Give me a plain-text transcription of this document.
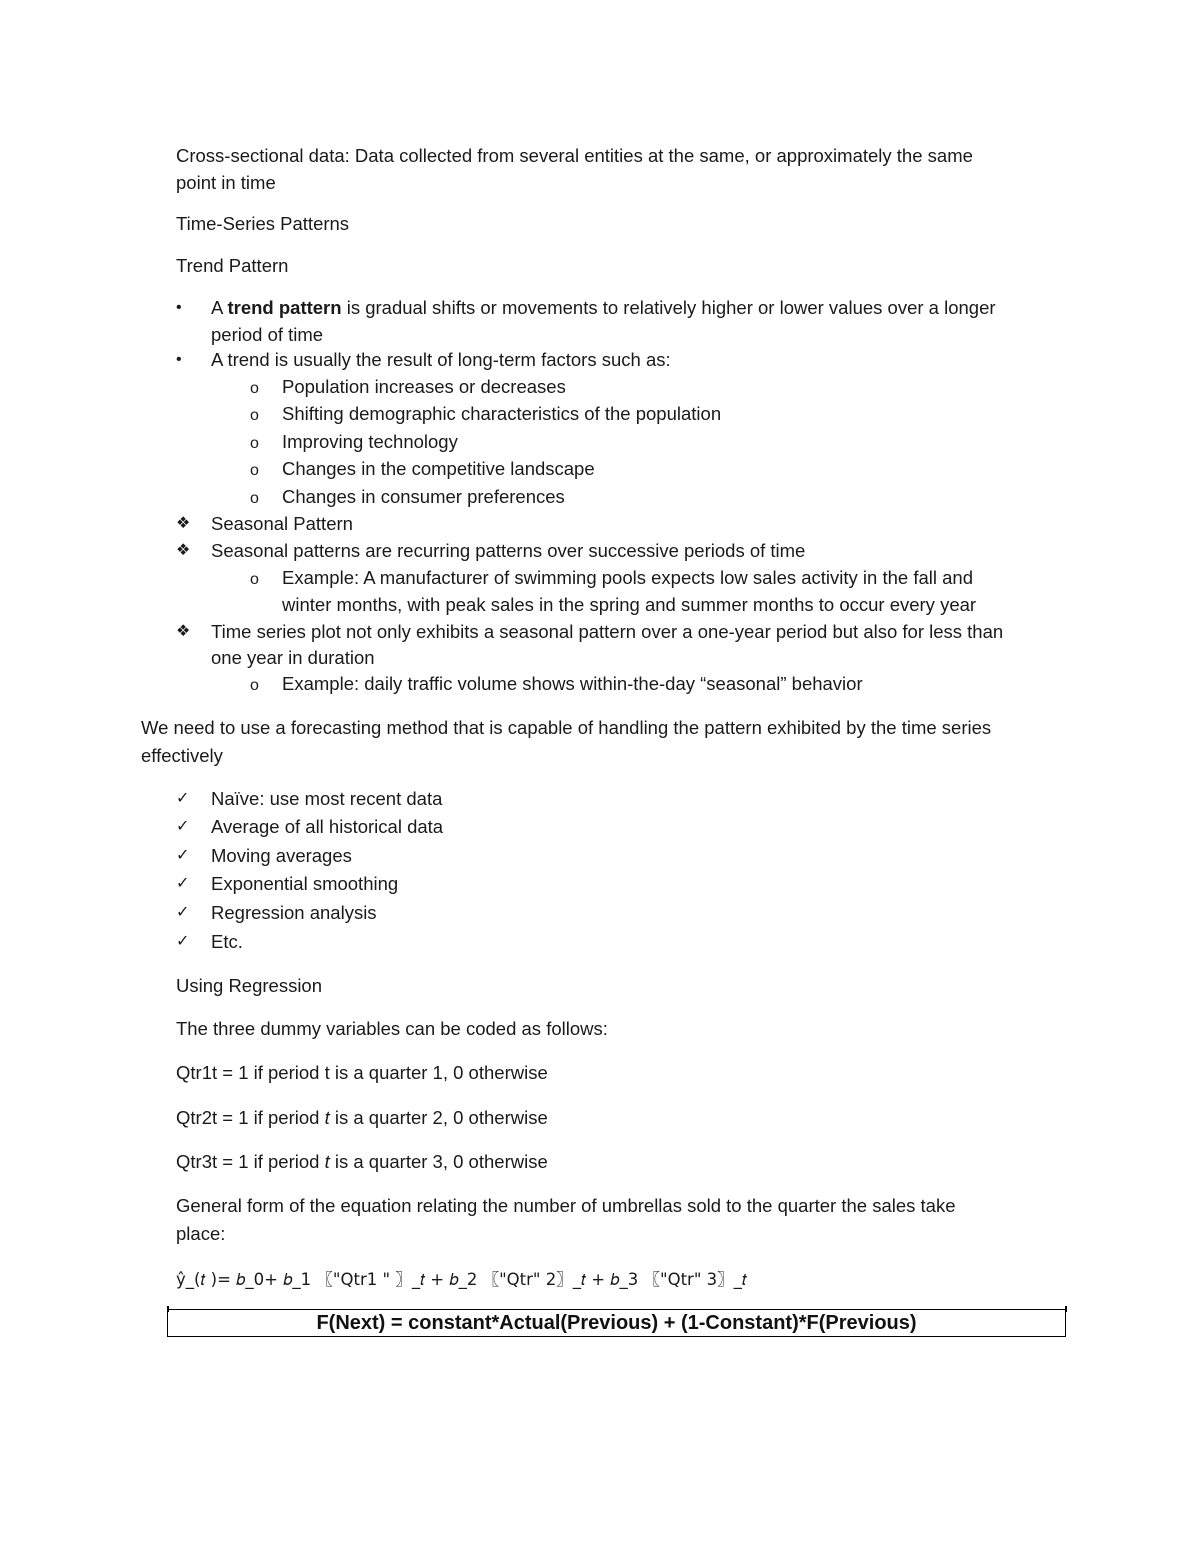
Cross-sectional data: Data collected from several entities at the same, or approximately the same
point in time
Time-Series Patterns
Trend Pattern
• A trend pattern is gradual shifts or movements to relatively higher or lower values over a longer
period of time
• A trend is usually the result of long-term factors such as:
o Population increases or decreases
o Shifting demographic characteristics of the population
o Improving technology
o Changes in the competitive landscape
o Changes in consumer preferences
❖ Seasonal Pattern
❖ Seasonal patterns are recurring patterns over successive periods of time
o Example: A manufacturer of swimming pools expects low sales activity in the fall and
winter months, with peak sales in the spring and summer months to occur every year
❖ Time series plot not only exhibits a seasonal pattern over a one-year period but also for less than
one year in duration
o Example: daily traffic volume shows within-the-day “seasonal” behavior
We need to use a forecasting method that is capable of handling the pattern exhibited by the time series
effectively
✓ Naïve: use most recent data
✓ Average of all historical data
✓ Moving averages
✓ Exponential smoothing
✓ Regression analysis
✓ Etc.
Using Regression
The three dummy variables can be coded as follows:
Qtr1t = 1 if period t is a quarter 1, 0 otherwise
Qtr2t = 1 if period t is a quarter 2, 0 otherwise
Qtr3t = 1 if period t is a quarter 3, 0 otherwise
General form of the equation relating the number of umbrellas sold to the quarter the sales take
place:
ŷ_(𝑡 )= 𝑏_0+ 𝑏_1 〖"Qtr1 " 〗_𝑡 + 𝑏_2 〖"Qtr" 2〗_𝑡 + 𝑏_3 〖"Qtr" 3〗_𝑡
F(Next) = constant*Actual(Previous) + (1-Constant)*F(Previous)
